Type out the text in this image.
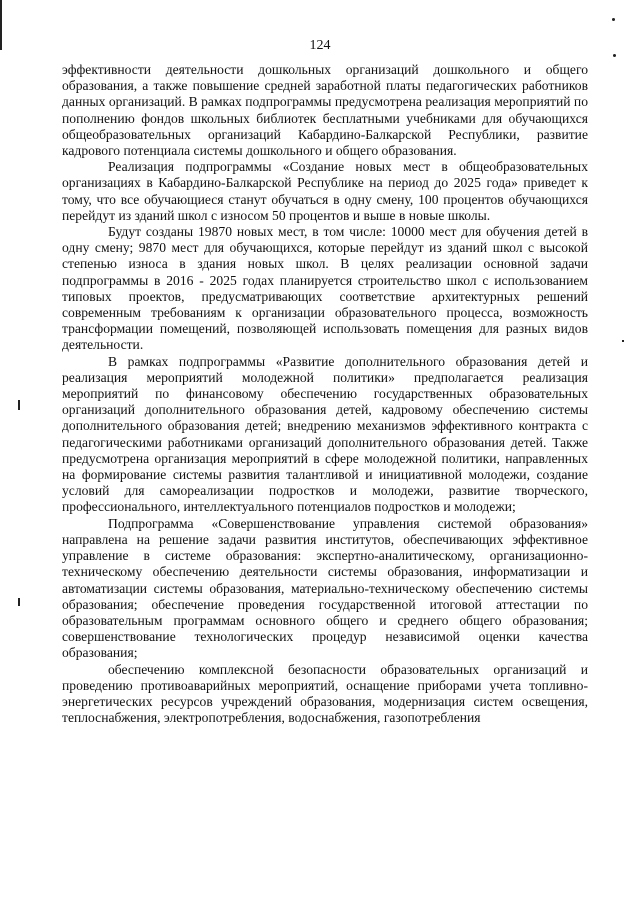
124

эффективности деятельности дошкольных организаций дошкольного и общего образования, а также повышение средней заработной платы педагогических работников данных организаций. В рамках подпрограммы предусмотрена реализация мероприятий по пополнению фондов школьных библиотек бесплатными учебниками для обучающихся общеобразовательных организаций Кабардино-Балкарской Республики, развитие кадрового потенциала системы дошкольного и общего образования.

Реализация подпрограммы «Создание новых мест в общеобразовательных организациях в Кабардино-Балкарской Республике на период до 2025 года» приведет к тому, что все обучающиеся станут обучаться в одну смену, 100 процентов обучающихся перейдут из зданий школ с износом 50 процентов и выше в новые школы.

Будут созданы 19870 новых мест, в том числе: 10000 мест для обучения детей в одну смену; 9870 мест для обучающихся, которые перейдут из зданий школ с высокой степенью износа в здания новых школ. В целях реализации основной задачи подпрограммы в 2016 - 2025 годах планируется строительство школ с использованием типовых проектов, предусматривающих соответствие архитектурных решений современным требованиям к организации образовательного процесса, возможность трансформации помещений, позволяющей использовать помещения для разных видов деятельности.

В рамках подпрограммы «Развитие дополнительного образования детей и реализация мероприятий молодежной политики» предполагается реализация мероприятий по финансовому обеспечению государственных образовательных организаций дополнительного образования детей, кадровому обеспечению системы дополнительного образования детей; внедрению механизмов эффективного контракта с педагогическими работниками организаций дополнительного образования детей. Также предусмотрена организация мероприятий в сфере молодежной политики, направленных на формирование системы развития талантливой и инициативной молодежи, создание условий для самореализации подростков и молодежи, развитие творческого, профессионального, интеллектуального потенциалов подростков и молодежи;

Подпрограмма «Совершенствование управления системой образования» направлена на решение задачи развития институтов, обеспечивающих эффективное управление в системе образования: экспертно-аналитическому, организационно-техническому обеспечению деятельности системы образования, информатизации и автоматизации системы образования, материально-техническому обеспечению системы образования; обеспечение проведения государственной итоговой аттестации по образовательным программам основного общего и среднего общего образования; совершенствование технологических процедур независимой оценки качества образования;

обеспечению комплексной безопасности образовательных организаций и проведению противоаварийных мероприятий, оснащение приборами учета топливно-энергетических ресурсов учреждений образования, модернизация систем освещения, теплоснабжения, электропотребления, водоснабжения, газопотребления
